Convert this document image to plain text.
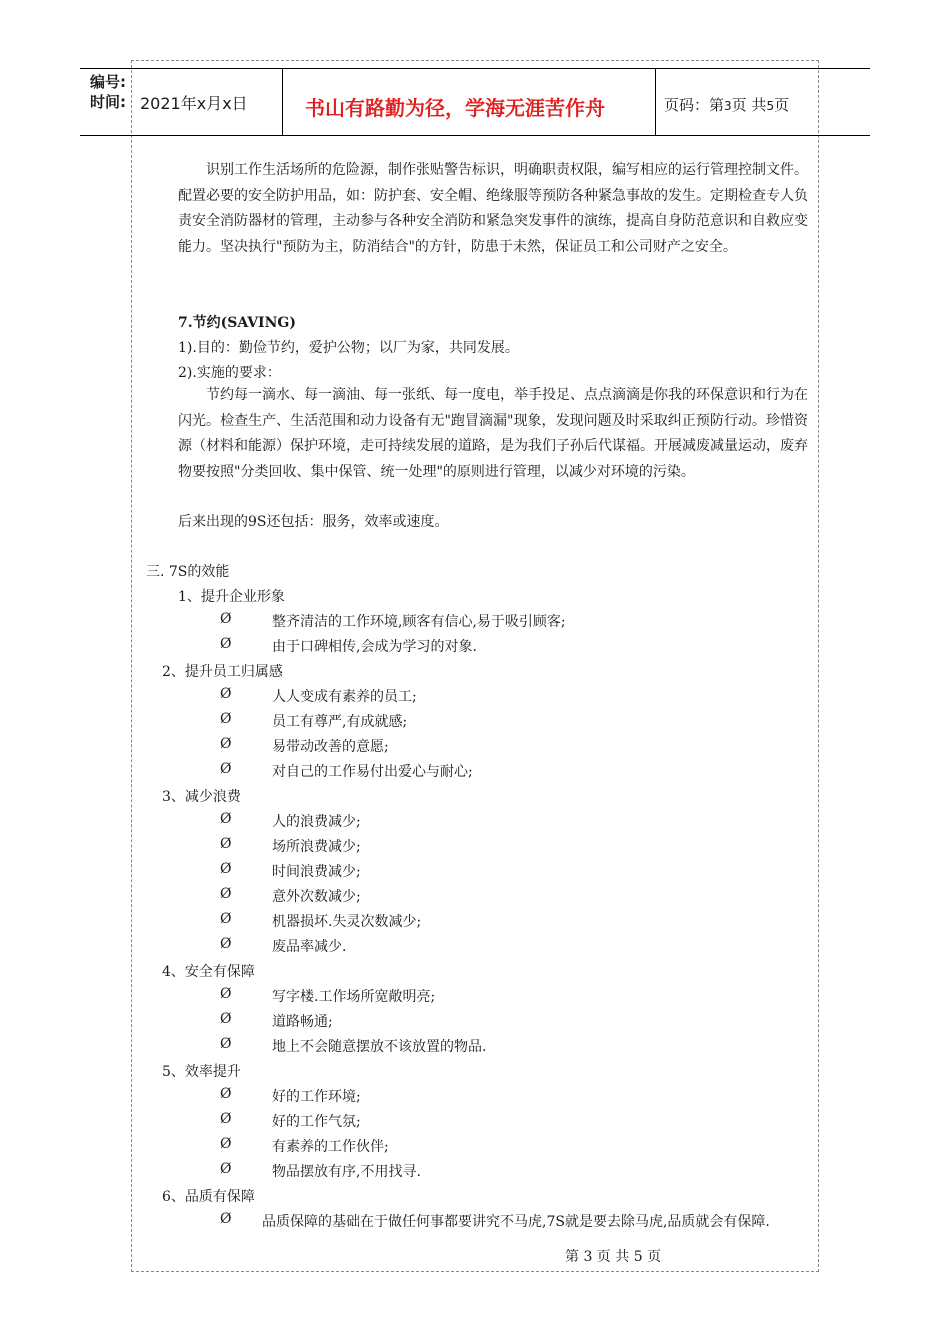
编号:
时间: 2021年x月x日	书山有路勤为径，学海无涯苦作舟	页码：第3页 共5页
识别工作生活场所的危险源，制作张贴警告标识，明确职责权限，编写相应的运行管理控制文件。配置必要的安全防护用品，如：防护套、安全帽、绝缘服等预防各种紧急事故的发生。定期检查专人负责安全消防器材的管理，主动参与各种安全消防和紧急突发事件的演练，提高自身防范意识和自救应变能力。坚决执行"预防为主，防消结合"的方针，防患于未然，保证员工和公司财产之安全。
7.节约(SAVING)
1).目的：勤俭节约，爱护公物；以厂为家，共同发展。
2).实施的要求：
节约每一滴水、每一滴油、每一张纸、每一度电，举手投足、点点滴滴是你我的环保意识和行为在闪光。检查生产、生活范围和动力设备有无"跑冒滴漏"现象，发现问题及时采取纠正预防行动。珍惜资源（材料和能源）保护环境，走可持续发展的道路，是为我们子孙后代谋福。开展减废减量运动，废弃物要按照"分类回收、集中保管、统一处理"的原则进行管理，以减少对环境的污染。
后来出现的9S还包括：服务，效率或速度。
三. 7S的效能
1、提升企业形象
Ø	整齐清洁的工作环境,顾客有信心,易于吸引顾客;
Ø	由于口碑相传,会成为学习的对象.
2、提升员工归属感
Ø	人人变成有素养的员工;
Ø	员工有尊严,有成就感;
Ø	易带动改善的意愿;
Ø	对自己的工作易付出爱心与耐心;
3、减少浪费
Ø	人的浪费减少;
Ø	场所浪费减少;
Ø	时间浪费减少;
Ø	意外次数减少;
Ø	机器损坏.失灵次数减少;
Ø	废品率减少.
4、安全有保障
Ø	写字楼.工作场所宽敞明亮;
Ø	道路畅通;
Ø	地上不会随意摆放不该放置的物品.
5、效率提升
Ø	好的工作环境;
Ø	好的工作气氛;
Ø	有素养的工作伙伴;
Ø	物品摆放有序,不用找寻.
6、品质有保障
Ø 品质保障的基础在于做任何事都要讲究不马虎,7S就是要去除马虎,品质就会有保障.
第 3 页 共 5 页
